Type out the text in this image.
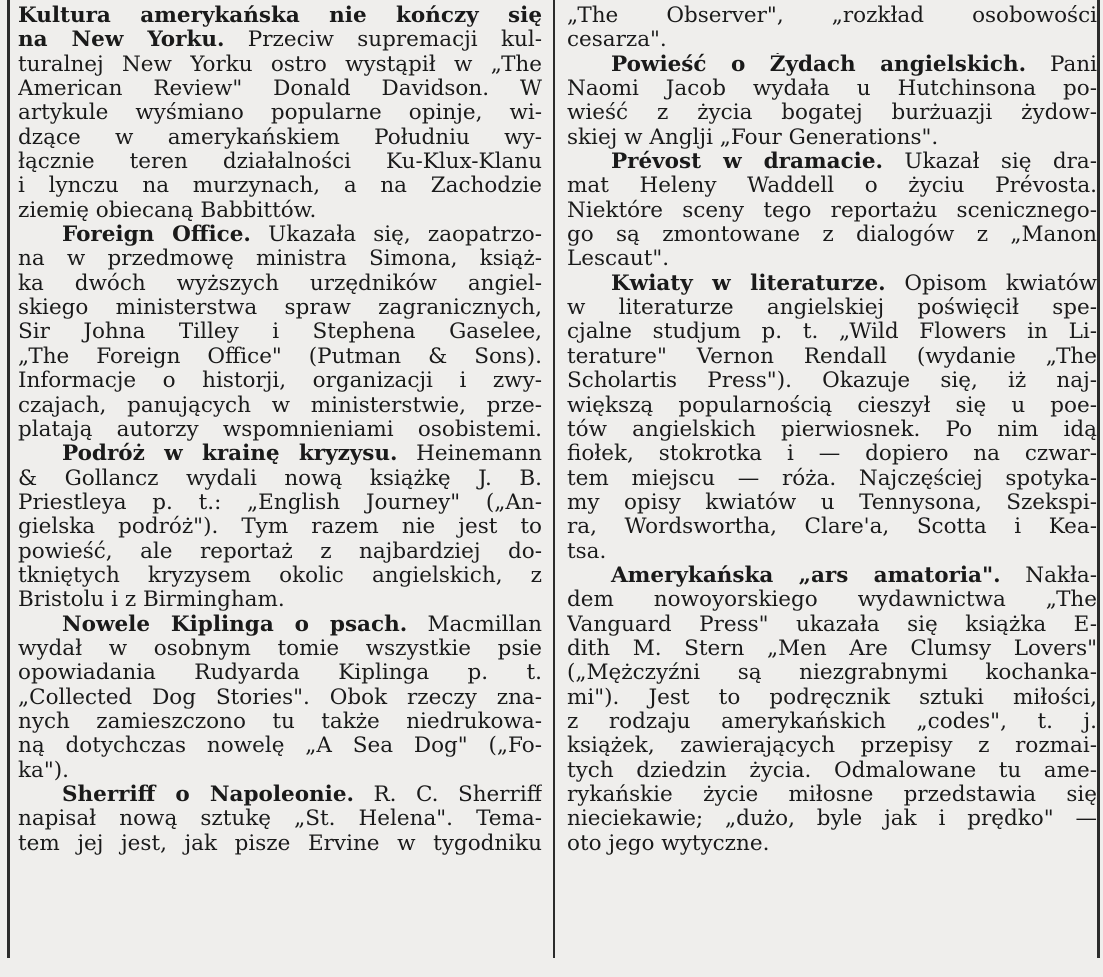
Kultura amerykańska nie kończy się
na New Yorku. Przeciw supremacji kul-
turalnej New Yorku ostro wystąpił w „The
American Review" Donald Davidson. W
artykule wyśmiano popularne opinje, wi-
dzące w amerykańskiem Południu wy-
łącznie teren działalności Ku-Klux-Klanu
i lynczu na murzynach, a na Zachodzie
ziemię obiecaną Babbittów.
Foreign Office. Ukazała się, zaopatrzo-
na w przedmowę ministra Simona, książ-
ka dwóch wyższych urzędników angiel-
skiego ministerstwa spraw zagranicznych,
Sir Johna Tilley i Stephena Gaselee,
„The Foreign Office" (Putman & Sons).
Informacje o historji, organizacji i zwy-
czajach, panujących w ministerstwie, prze-
platają autorzy wspomnieniami osobistemi.
Podróż w krainę kryzysu. Heinemann
& Gollancz wydali nową książkę J. B.
Priestleya p. t.: „English Journey" („An-
gielska podróż"). Tym razem nie jest to
powieść, ale reportaż z najbardziej do-
tkniętych kryzysem okolic angielskich, z
Bristolu i z Birmingham.
Nowele Kiplinga o psach. Macmillan
wydał w osobnym tomie wszystkie psie
opowiadania Rudyarda Kiplinga p. t.
„Collected Dog Stories". Obok rzeczy zna-
nych zamieszczono tu także niedrukowa-
ną dotychczas nowelę „A Sea Dog" („Fo-
ka").
Sherriff o Napoleonie. R. C. Sherriff
napisał nową sztukę „St. Helena". Tema-
tem jej jest, jak pisze Ervine w tygodniku
„The Observer", „rozkład osobowości
cesarza".
Powieść o Żydach angielskich. Pani
Naomi Jacob wydała u Hutchinsona po-
wieść z życia bogatej burżuazji żydow-
skiej w Anglji „Four Generations".
Prévost w dramacie. Ukazał się dra-
mat Heleny Waddell o życiu Prévosta.
Niektóre sceny tego reportażu scenicznego-
go są zmontowane z dialogów z „Manon
Lescaut".
Kwiaty w literaturze. Opisom kwiatów
w literaturze angielskiej poświęcił spe-
cjalne studjum p. t. „Wild Flowers in Li-
terature" Vernon Rendall (wydanie „The
Scholartis Press"). Okazuje się, iż naj-
większą popularnością cieszył się u poe-
tów angielskich pierwiosnek. Po nim idą
fiołek, stokrotka i — dopiero na czwar-
tem miejscu — róża. Najczęściej spotyka-
my opisy kwiatów u Tennysona, Szekspi-
ra, Wordswortha, Clare'a, Scotta i Kea-
tsa.
Amerykańska „ars amatoria". Nakła-
dem nowoyorskiego wydawnictwa „The
Vanguard Press" ukazała się książka E-
dith M. Stern „Men Are Clumsy Lovers"
(„Mężczyźni są niezgrabnymi kochanka-
mi"). Jest to podręcznik sztuki miłości,
z rodzaju amerykańskich „codes", t. j.
książek, zawierających przepisy z rozmai-
tych dziedzin życia. Odmalowane tu ame-
rykańskie życie miłosne przedstawia się
nieciekawie; „dużo, byle jak i prędko" —
oto jego wytyczne.
